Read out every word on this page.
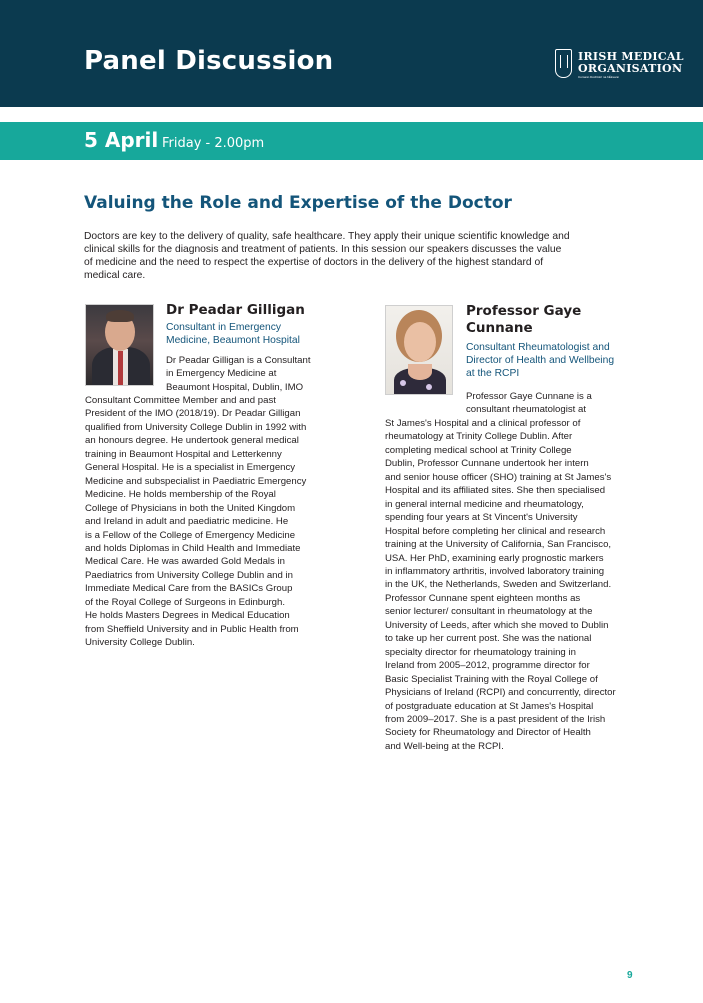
Panel Discussion	IRISH MEDICAL
ORGANISATION
Cumann Dochtúirí na hÉireann
5 April Friday - 2.00pm
Valuing the Role and Expertise of the Doctor

Doctors are key to the delivery of quality, safe healthcare. They apply their unique scientific knowledge and
clinical skills for the diagnosis and treatment of patients. In this session our speakers discusses the value
of medicine and the need to respect the expertise of doctors in the delivery of the highest standard of
medical care.

Dr Peadar Gilligan

Consultant in Emergency
Medicine, Beaumont Hospital

Dr Peadar Gilligan is a Consultant
in Emergency Medicine at
Beaumont Hospital, Dublin, IMO

Consultant Committee Member and and past
President of the IMO (2018/19). Dr Peadar Gilligan
qualified from University College Dublin in 1992 with
an honours degree. He undertook general medical
training in Beaumont Hospital and Letterkenny
General Hospital. He is a specialist in Emergency
Medicine and subspecialist in Paediatric Emergency
Medicine. He holds membership of the Royal
College of Physicians in both the United Kingdom
and Ireland in adult and paediatric medicine. He
is a Fellow of the College of Emergency Medicine
and holds Diplomas in Child Health and Immediate
Medical Care. He was awarded Gold Medals in
Paediatrics from University College Dublin and in
Immediate Medical Care from the BASICs Group
of the Royal College of Surgeons in Edinburgh.
He holds Masters Degrees in Medical Education
from Sheffield University and in Public Health from
University College Dublin.

Professor Gaye
Cunnane

Consultant Rheumatologist and
Director of Health and Wellbeing
at the RCPI

Professor Gaye Cunnane is a
consultant rheumatologist at

St James's Hospital and a clinical professor of
rheumatology at Trinity College Dublin. After
completing medical school at Trinity College
Dublin, Professor Cunnane undertook her intern
and senior house officer (SHO) training at St James's
Hospital and its affiliated sites. She then specialised
in general internal medicine and rheumatology,
spending four years at St Vincent's University
Hospital before completing her clinical and research
training at the University of California, San Francisco,
USA. Her PhD, examining early prognostic markers
in inflammatory arthritis, involved laboratory training
in the UK, the Netherlands, Sweden and Switzerland.
Professor Cunnane spent eighteen months as
senior lecturer/ consultant in rheumatology at the
University of Leeds, after which she moved to Dublin
to take up her current post. She was the national
specialty director for rheumatology training in
Ireland from 2005–2012, programme director for
Basic Specialist Training with the Royal College of
Physicians of Ireland (RCPI) and concurrently, director
of postgraduate education at St James's Hospital
from 2009–2017. She is a past president of the Irish
Society for Rheumatology and Director of Health
and Well-being at the RCPI.

9
